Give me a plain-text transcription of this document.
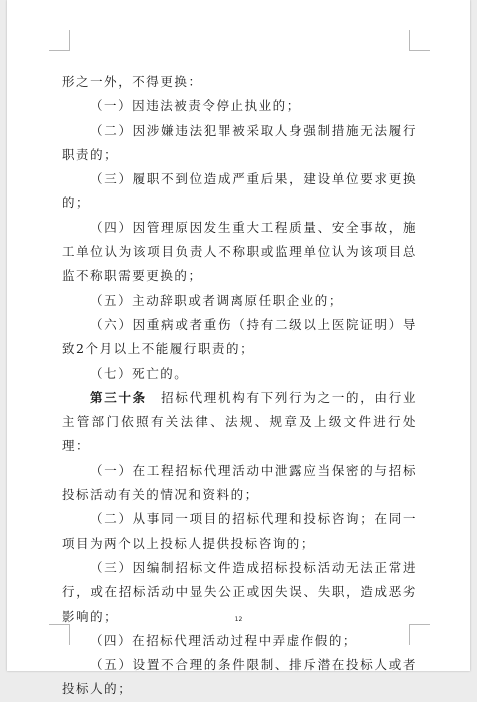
形之一外，不得更换：

（一）因违法被责令停止执业的；

（二）因涉嫌违法犯罪被采取人身强制措施无法履行职责的；

（三）履职不到位造成严重后果，建设单位要求更换的；

（四）因管理原因发生重大工程质量、安全事故，施工单位认为该项目负责人不称职或监理单位认为该项目总监不称职需要更换的；

（五）主动辞职或者调离原任职企业的；

（六）因重病或者重伤（持有二级以上医院证明）导致2个月以上不能履行职责的；

（七）死亡的。

第三十条　招标代理机构有下列行为之一的，由行业主管部门依照有关法律、法规、规章及上级文件进行处理：

（一）在工程招标代理活动中泄露应当保密的与招标投标活动有关的情况和资料的；

（二）从事同一项目的招标代理和投标咨询；在同一项目为两个以上投标人提供投标咨询的；

（三）因编制招标文件造成招标投标活动无法正常进行，或在招标活动中显失公正或因失误、失职，造成恶劣影响的；

（四）在招标代理活动过程中弄虚作假的；

（五）设置不合理的条件限制、排斥潜在投标人或者投标人的；

12
